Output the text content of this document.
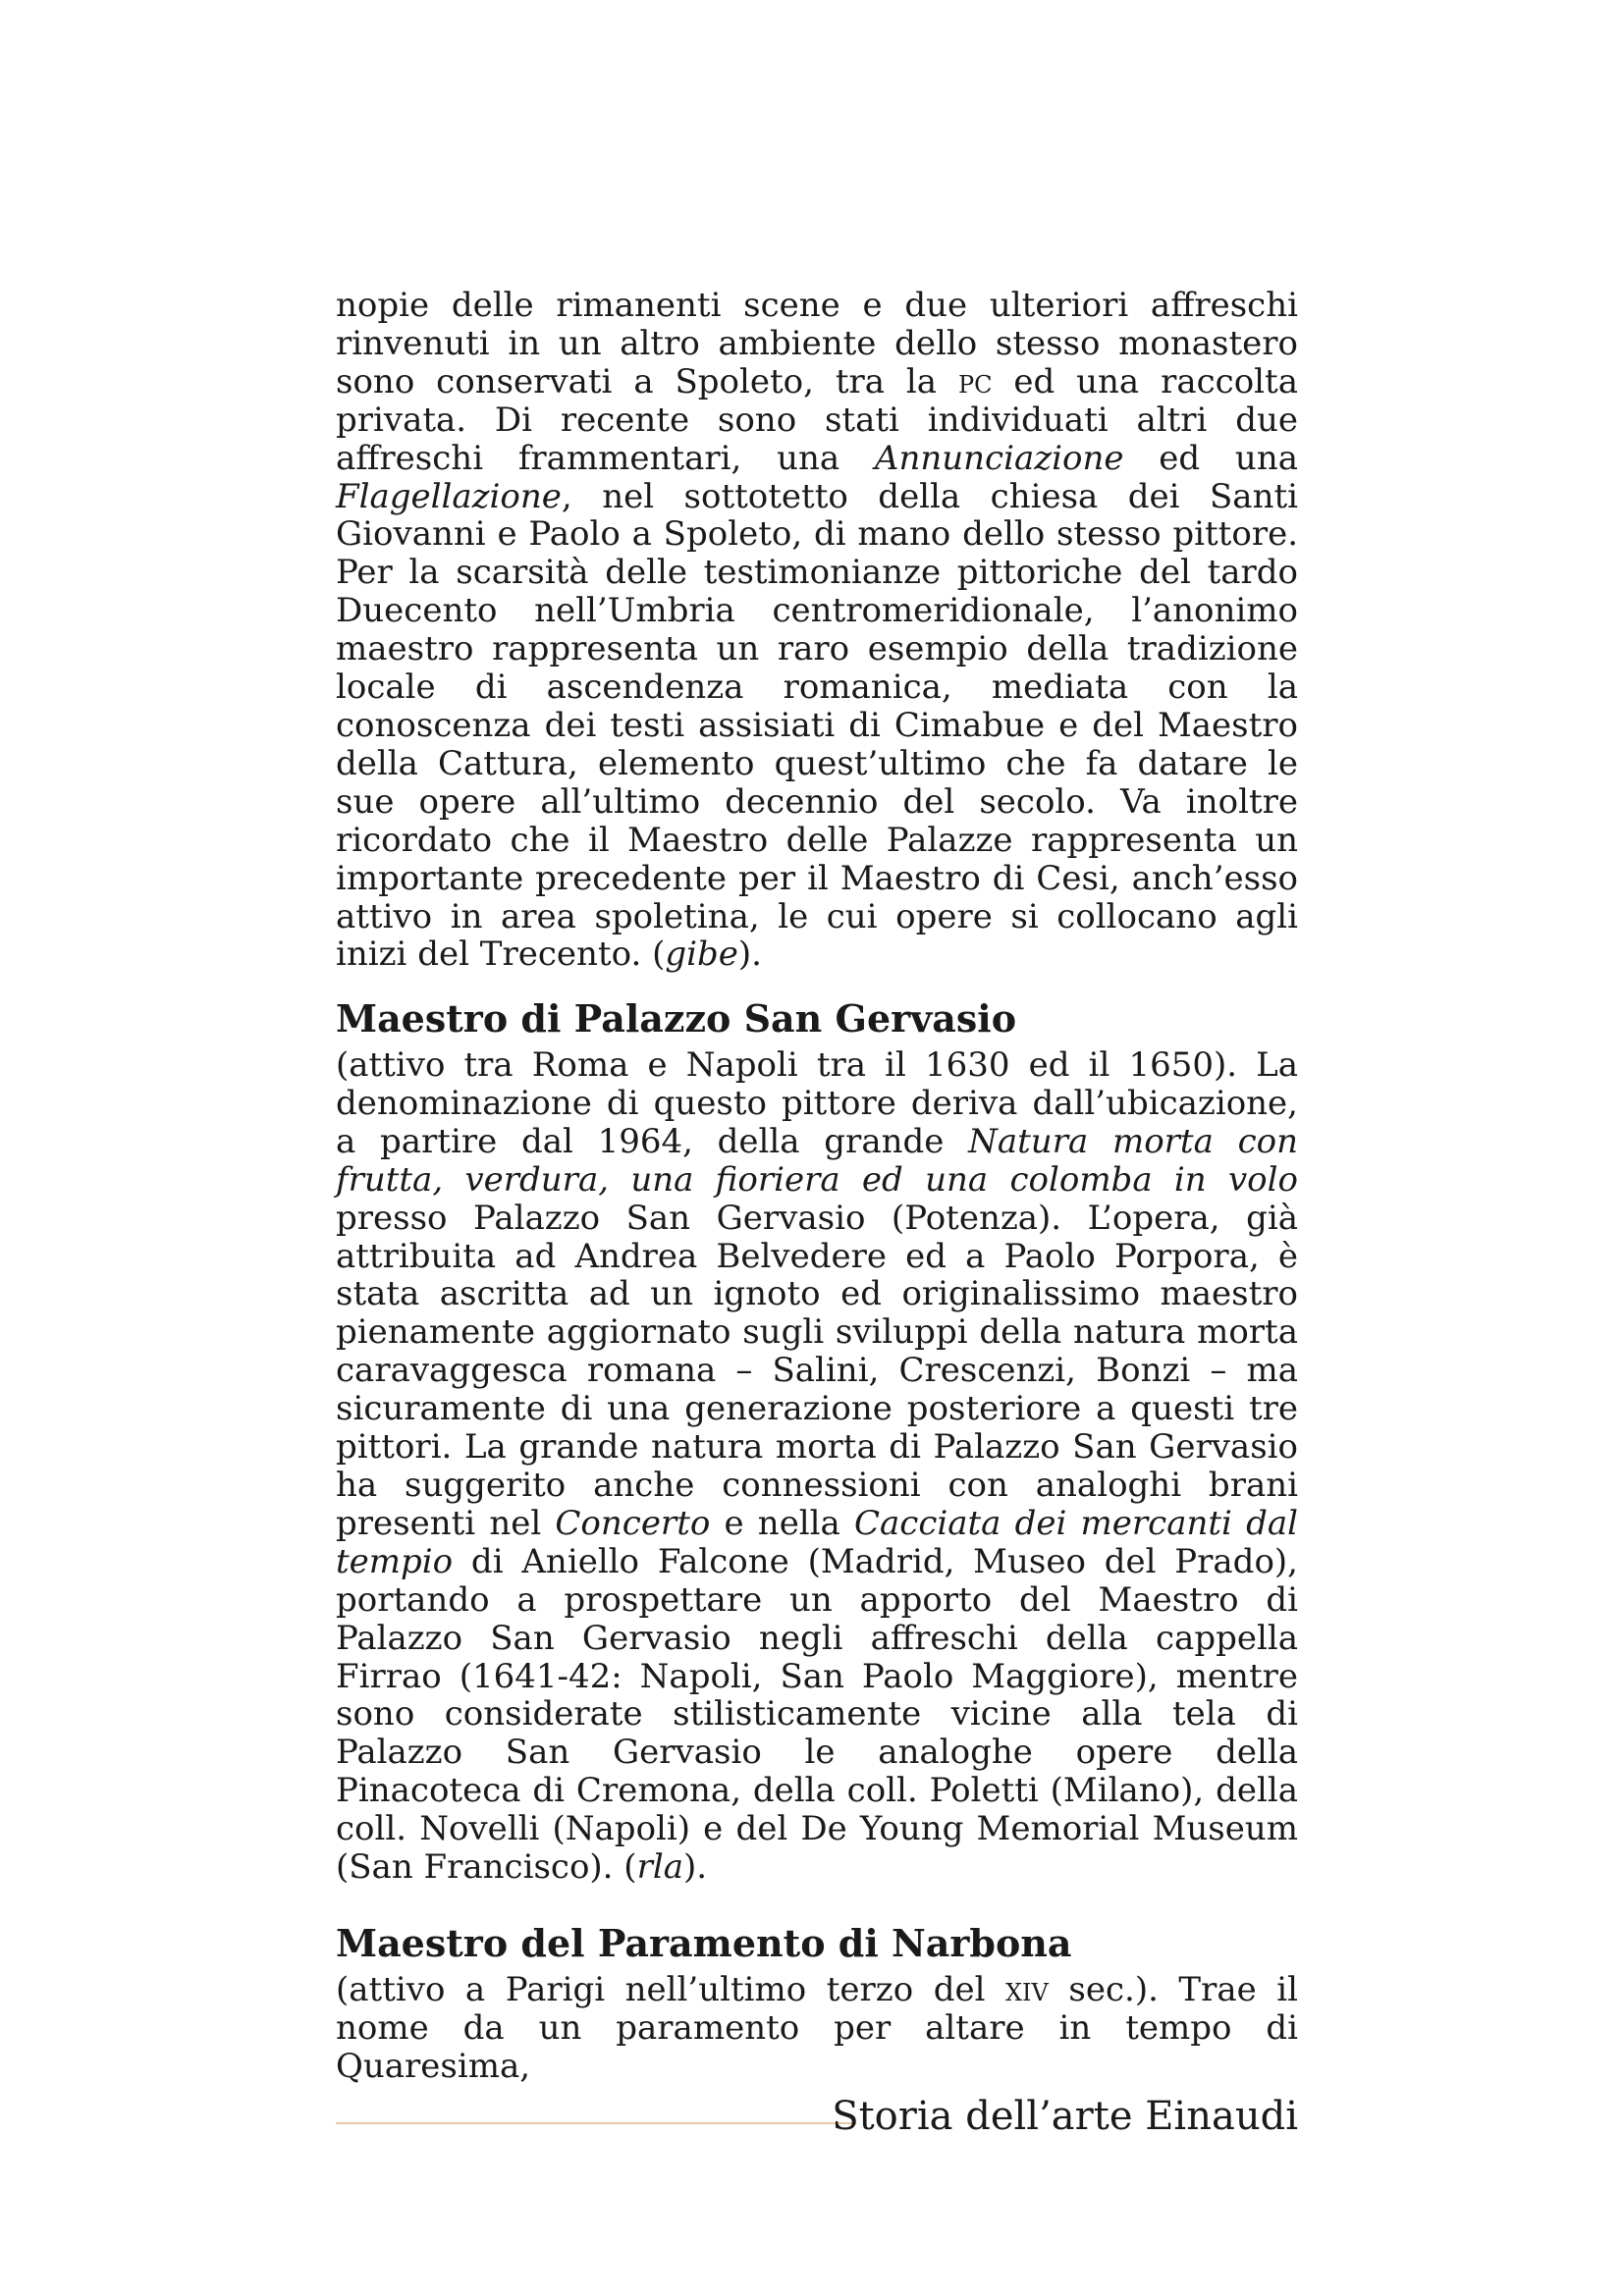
nopie delle rimanenti scene e due ulteriori affreschi rinvenuti in un altro ambiente dello stesso monastero sono conservati a Spoleto, tra la pc ed una raccolta privata. Di recente sono stati individuati altri due affreschi frammentari, una Annunciazione ed una Flagellazione, nel sottotetto della chiesa dei Santi Giovanni e Paolo a Spoleto, di mano dello stesso pittore. Per la scarsità delle testimonianze pittoriche del tardo Duecento nell’Umbria centromeridionale, l’anonimo maestro rappresenta un raro esempio della tradizione locale di ascendenza romanica, mediata con la conoscenza dei testi assisiati di Cimabue e del Maestro della Cattura, elemento quest’ultimo che fa datare le sue opere all’ultimo decennio del secolo. Va inoltre ricordato che il Maestro delle Palazze rappresenta un importante precedente per il Maestro di Cesi, anch’esso attivo in area spoletina, le cui opere si collocano agli inizi del Trecento. (gibe).

Maestro di Palazzo San Gervasio

(attivo tra Roma e Napoli tra il 1630 ed il 1650). La denominazione di questo pittore deriva dall’ubicazione, a partire dal 1964, della grande Natura morta con frutta, verdura, una fioriera ed una colomba in volo presso Palazzo San Gervasio (Potenza). L’opera, già attribuita ad Andrea Belvedere ed a Paolo Porpora, è stata ascritta ad un ignoto ed originalissimo maestro pienamente aggiornato sugli sviluppi della natura morta caravaggesca romana – Salini, Crescenzi, Bonzi – ma sicuramente di una generazione posteriore a questi tre pittori. La grande natura morta di Palazzo San Gervasio ha suggerito anche connessioni con analoghi brani presenti nel Concerto e nella Cacciata dei mercanti dal tempio di Aniello Falcone (Madrid, Museo del Prado), portando a prospettare un apporto del Maestro di Palazzo San Gervasio negli affreschi della cappella Firrao (1641-42: Napoli, San Paolo Maggiore), mentre sono considerate stilisticamente vicine alla tela di Palazzo San Gervasio le analoghe opere della Pinacoteca di Cremona, della coll. Poletti (Milano), della coll. Novelli (Napoli) e del De Young Memorial Museum (San Francisco). (rla).

Maestro del Paramento di Narbona

(attivo a Parigi nell’ultimo terzo del xiv sec.). Trae il nome da un paramento per altare in tempo di Quaresima,

Storia dell’arte Einaudi
